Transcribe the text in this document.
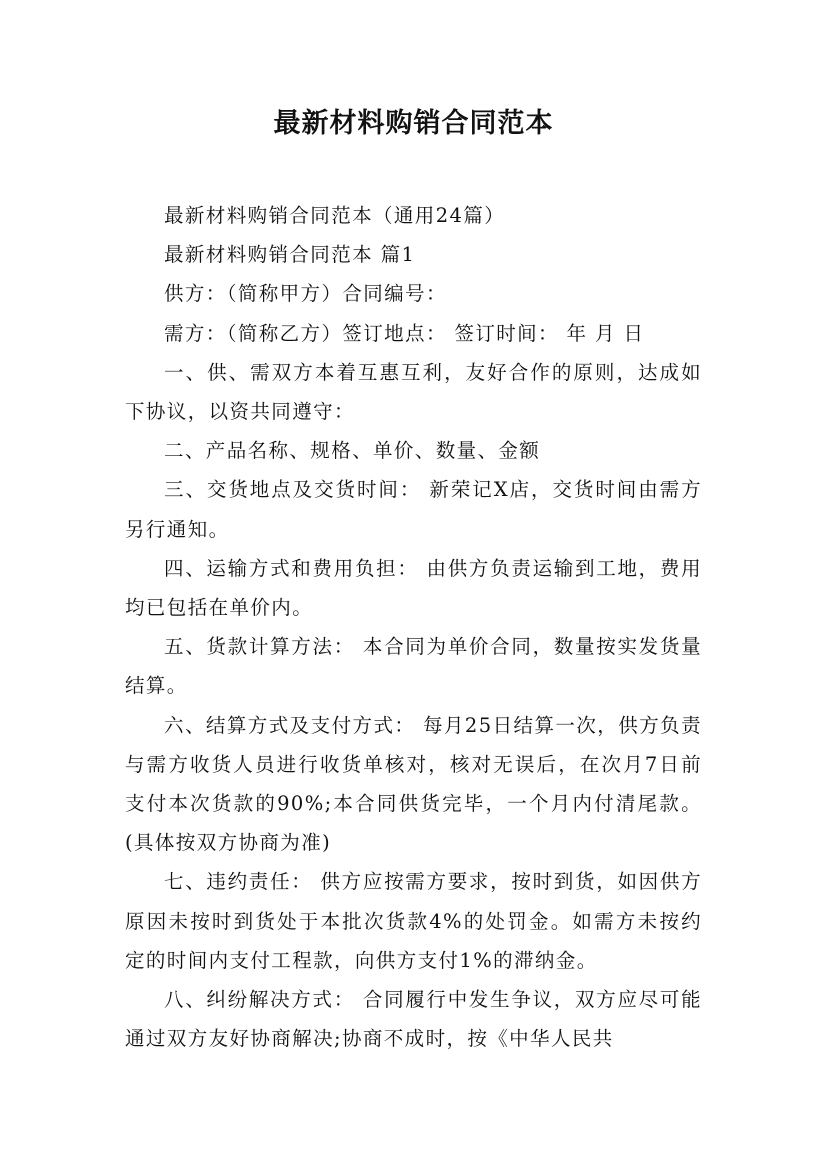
最新材料购销合同范本

最新材料购销合同范本（通用24篇）

最新材料购销合同范本 篇1

供方：（简称甲方）合同编号：

需方：（简称乙方）签订地点： 签订时间： 年 月 日

一、供、需双方本着互惠互利，友好合作的原则，达成如下协议，以资共同遵守：

二、产品名称、规格、单价、数量、金额

三、交货地点及交货时间： 新荣记X店，交货时间由需方另行通知。

四、运输方式和费用负担： 由供方负责运输到工地，费用均已包括在单价内。

五、货款计算方法： 本合同为单价合同，数量按实发货量结算。

六、结算方式及支付方式： 每月25日结算一次，供方负责与需方收货人员进行收货单核对，核对无误后，在次月7日前支付本次货款的90%;本合同供货完毕，一个月内付清尾款。(具体按双方协商为准)

七、违约责任： 供方应按需方要求，按时到货，如因供方原因未按时到货处于本批次货款4%的处罚金。如需方未按约定的时间内支付工程款，向供方支付1%的滞纳金。

八、纠纷解决方式： 合同履行中发生争议，双方应尽可能通过双方友好协商解决;协商不成时，按《中华人民共
